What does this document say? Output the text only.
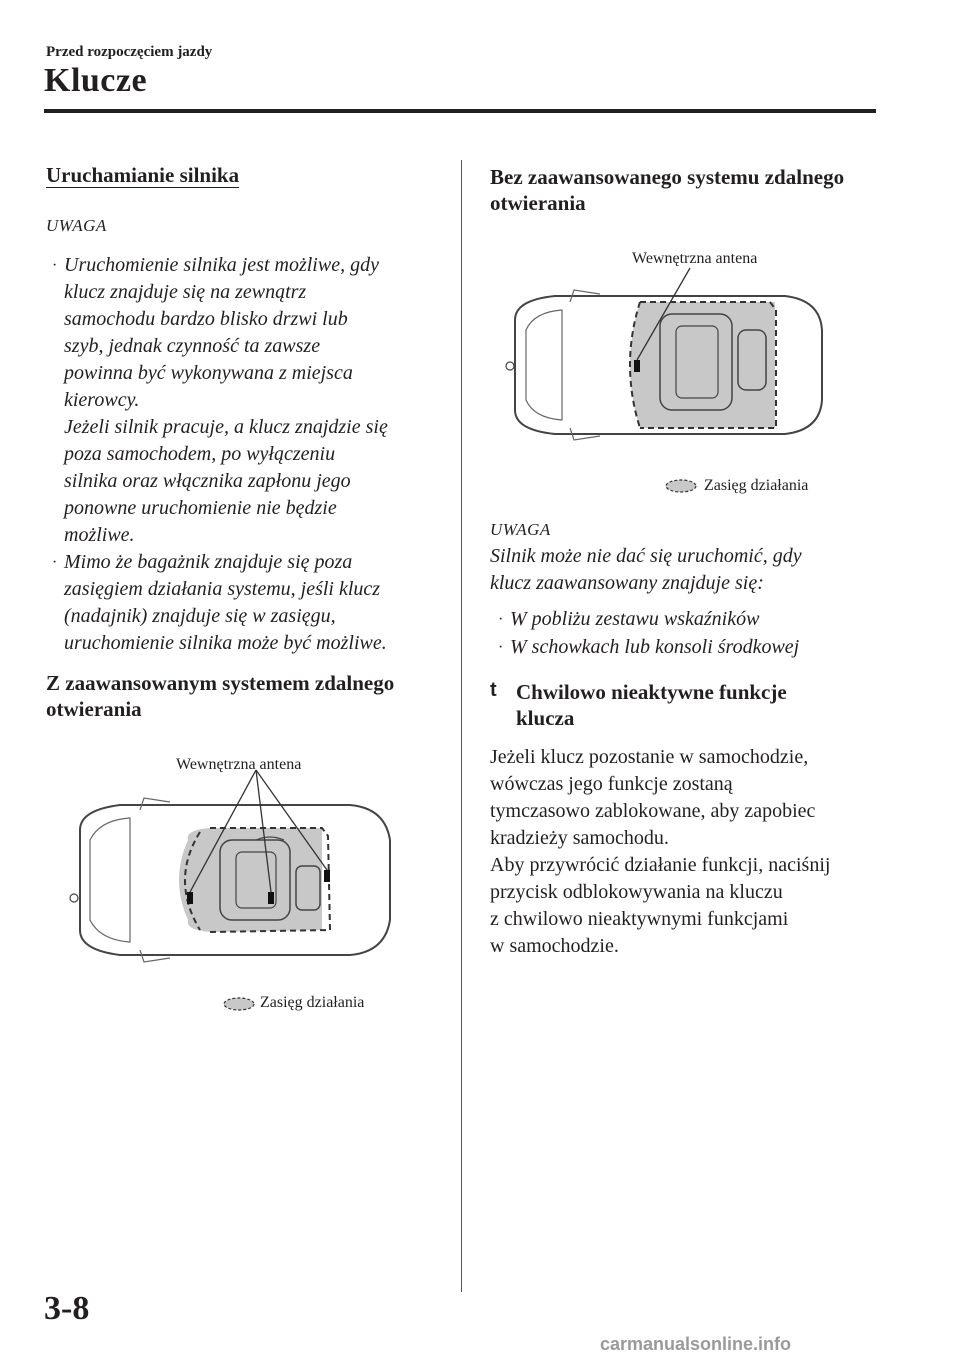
Przed rozpoczęciem jazdy
Klucze
Uruchamianie silnika
UWAGA
· Uruchomienie silnika jest możliwe, gdy
klucz znajduje się na zewnątrz
samochodu bardzo blisko drzwi lub
szyb, jednak czynność ta zawsze
powinna być wykonywana z miejsca
kierowcy.
Jeżeli silnik pracuje, a klucz znajdzie się
poza samochodem, po wyłączeniu
silnika oraz włącznika zapłonu jego
ponowne uruchomienie nie będzie
możliwe.
· Mimo że bagażnik znajduje się poza
zasięgiem działania systemu, jeśli klucz
(nadajnik) znajduje się w zasięgu,
uruchomienie silnika może być możliwe.
Z zaawansowanym systemem zdalnego
otwierania
Wewnętrzna antena
Zasięg działania
Bez zaawansowanego systemu zdalnego
otwierania
Wewnętrzna antena
Zasięg działania
UWAGA
Silnik może nie dać się uruchomić, gdy
klucz zaawansowany znajduje się:
· W pobliżu zestawu wskaźników
· W schowkach lub konsoli środkowej
t Chwilowo nieaktywne funkcje
klucza
Jeżeli klucz pozostanie w samochodzie,
wówczas jego funkcje zostaną
tymczasowo zablokowane, aby zapobiec
kradzieży samochodu.
Aby przywrócić działanie funkcji, naciśnij
przycisk odblokowywania na kluczu
z chwilowo nieaktywnymi funkcjami
w samochodzie.
3-8
carmanualsonline.info
